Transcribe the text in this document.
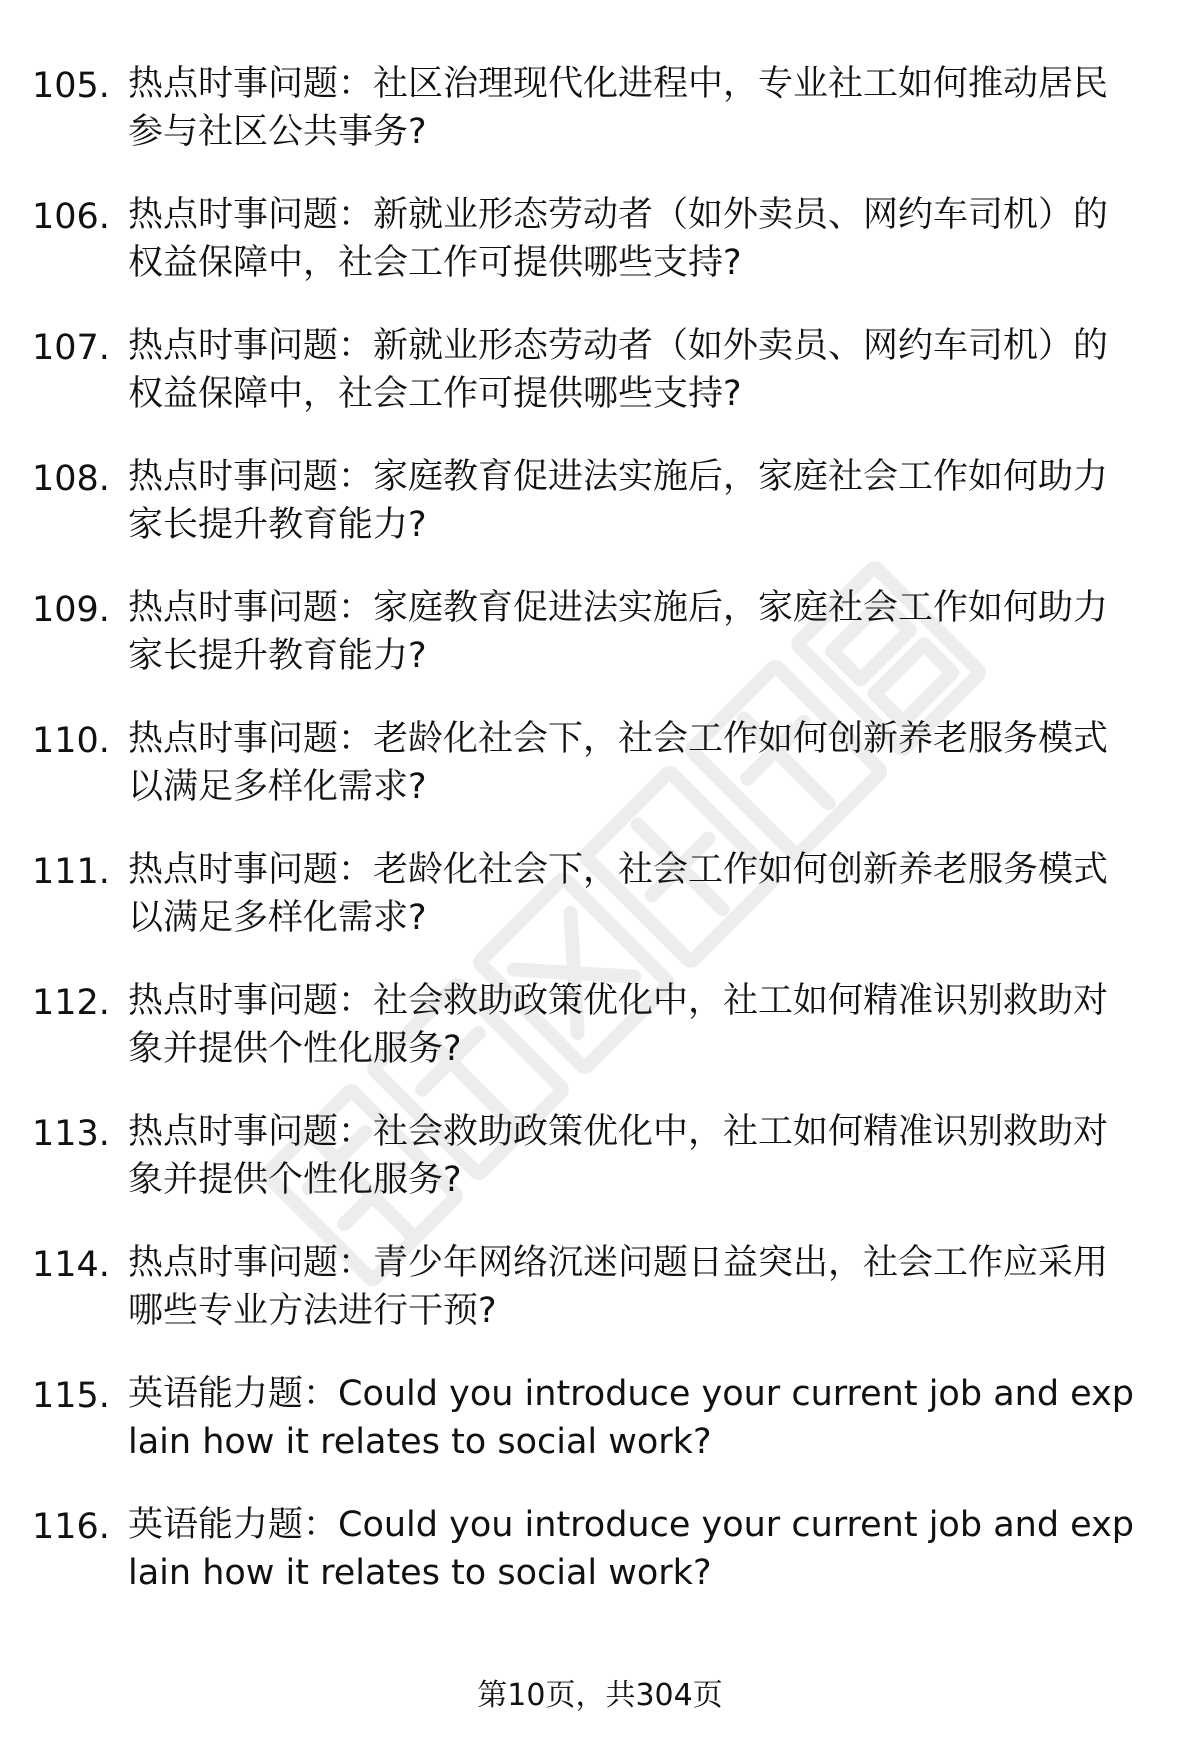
105. 热点时事问题：社区治理现代化进程中，专业社工如何推动居民参与社区公共事务?
106. 热点时事问题：新就业形态劳动者（如外卖员、网约车司机）的权益保障中，社会工作可提供哪些支持?
107. 热点时事问题：新就业形态劳动者（如外卖员、网约车司机）的权益保障中，社会工作可提供哪些支持?
108. 热点时事问题：家庭教育促进法实施后，家庭社会工作如何助力家长提升教育能力?
109. 热点时事问题：家庭教育促进法实施后，家庭社会工作如何助力家长提升教育能力?
110. 热点时事问题：老龄化社会下，社会工作如何创新养老服务模式以满足多样化需求?
111. 热点时事问题：老龄化社会下，社会工作如何创新养老服务模式以满足多样化需求?
112. 热点时事问题：社会救助政策优化中，社工如何精准识别救助对象并提供个性化服务?
113. 热点时事问题：社会救助政策优化中，社工如何精准识别救助对象并提供个性化服务?
114. 热点时事问题：青少年网络沉迷问题日益突出，社会工作应采用哪些专业方法进行干预?
115. 英语能力题：Could you introduce your current job and explain how it relates to social work?
116. 英语能力题：Could you introduce your current job and explain how it relates to social work?
第10页，共304页
